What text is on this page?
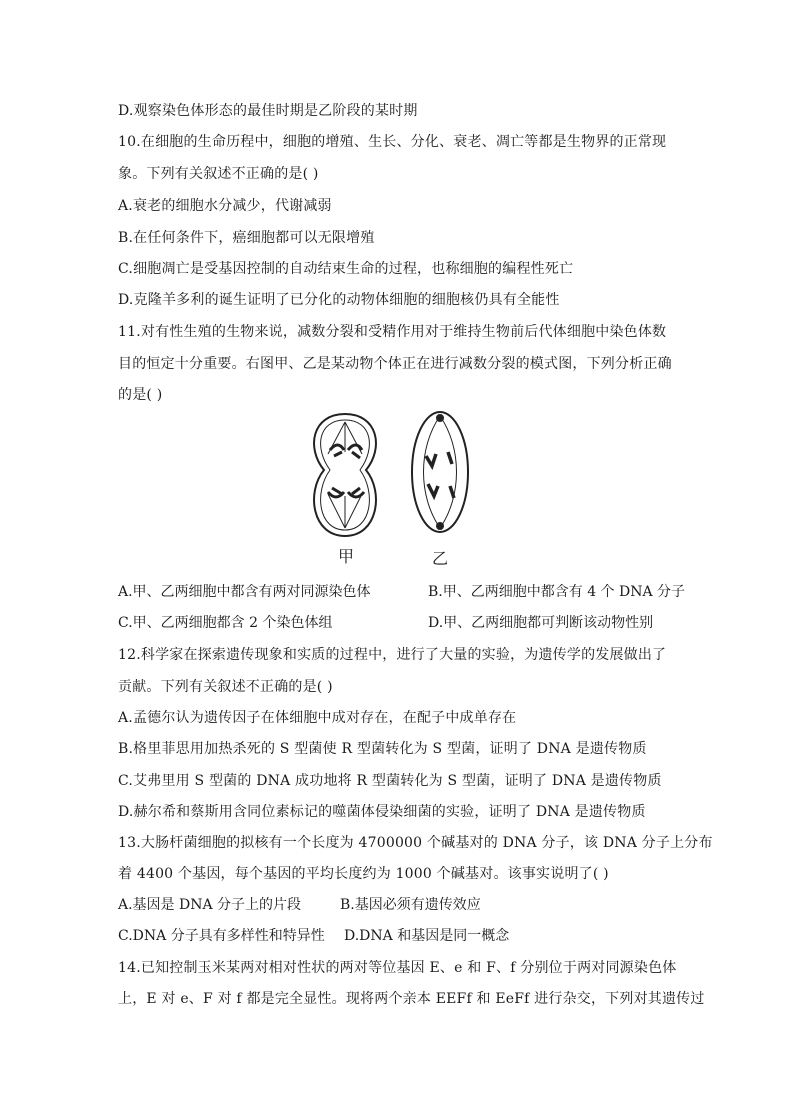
D.观察染色体形态的最佳时期是乙阶段的某时期
10.在细胞的生命历程中，细胞的增殖、生长、分化、衰老、凋亡等都是生物界的正常现
象。下列有关叙述不正确的是( )
A.衰老的细胞水分减少，代谢减弱
B.在任何条件下，癌细胞都可以无限增殖
C.细胞凋亡是受基因控制的自动结束生命的过程，也称细胞的编程性死亡
D.克隆羊多利的诞生证明了已分化的动物体细胞的细胞核仍具有全能性
11.对有性生殖的生物来说，减数分裂和受精作用对于维持生物前后代体细胞中染色体数
目的恒定十分重要。右图甲、乙是某动物个体正在进行减数分裂的模式图，下列分析正确
的是( )
甲	乙
A.甲、乙两细胞中都含有两对同源染色体	B.甲、乙两细胞中都含有 4 个 DNA 分子
C.甲、乙两细胞都含 2 个染色体组	D.甲、乙两细胞都可判断该动物性别
12.科学家在探索遗传现象和实质的过程中，进行了大量的实验，为遗传学的发展做出了
贡献。下列有关叙述不正确的是( )
A.孟德尔认为遗传因子在体细胞中成对存在，在配子中成单存在
B.格里菲思用加热杀死的 S 型菌使 R 型菌转化为 S 型菌，证明了 DNA 是遗传物质
C.艾弗里用 S 型菌的 DNA 成功地将 R 型菌转化为 S 型菌，证明了 DNA 是遗传物质
D.赫尔希和蔡斯用含同位素标记的噬菌体侵染细菌的实验，证明了 DNA 是遗传物质
13.大肠杆菌细胞的拟核有一个长度为 4700000 个碱基对的 DNA 分子，该 DNA 分子上分布
着 4400 个基因，每个基因的平均长度约为 1000 个碱基对。该事实说明了( )
A.基因是 DNA 分子上的片段	B.基因必须有遗传效应
C.DNA 分子具有多样性和特异性 D.DNA 和基因是同一概念
14.已知控制玉米某两对相对性状的两对等位基因 E、e 和 F、f 分别位于两对同源染色体
上，E 对 e、F 对 f 都是完全显性。现将两个亲本 EEFf 和 EeFf 进行杂交，下列对其遗传过
